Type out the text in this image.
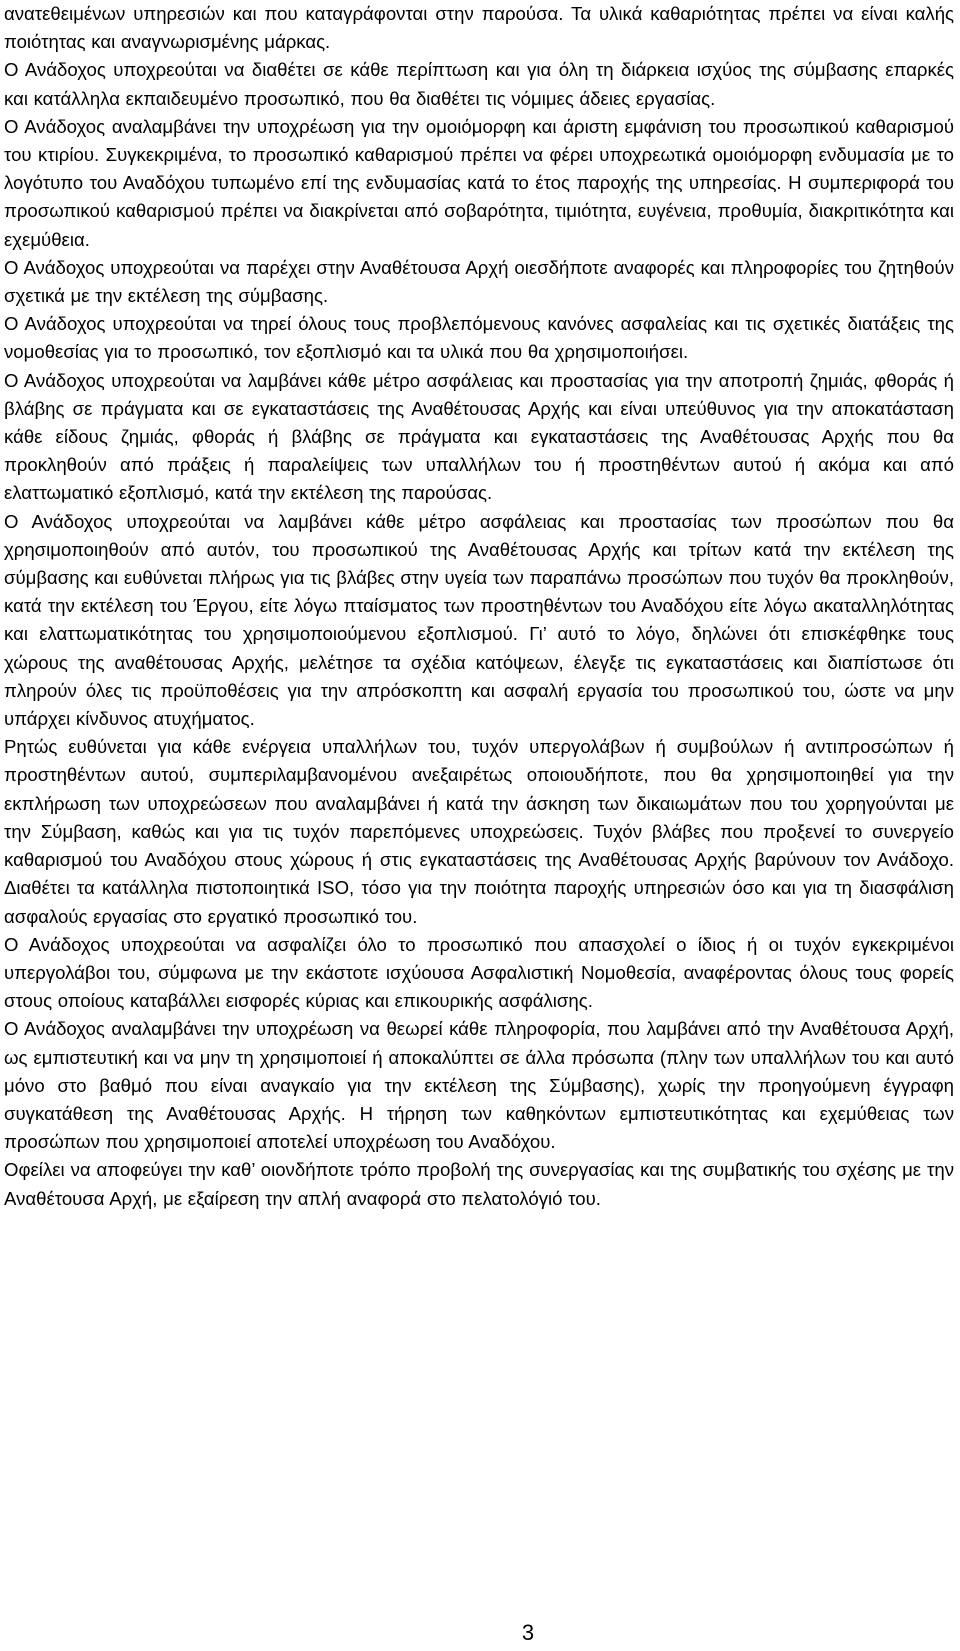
ανατεθειμένων υπηρεσιών και που καταγράφονται στην παρούσα. Τα υλικά καθαριότητας πρέπει να είναι καλής ποιότητας και αναγνωρισμένης μάρκας.

Ο Ανάδοχος υποχρεούται να διαθέτει σε κάθε περίπτωση και για όλη τη διάρκεια ισχύος της σύμβασης επαρκές και κατάλληλα εκπαιδευμένο προσωπικό, που θα διαθέτει τις νόμιμες άδειες εργασίας.

Ο Ανάδοχος αναλαμβάνει την υποχρέωση για την ομοιόμορφη και άριστη εμφάνιση του προσωπικού καθαρισμού του κτιρίου. Συγκεκριμένα, το προσωπικό καθαρισμού πρέπει να φέρει υποχρεωτικά ομοιόμορφη ενδυμασία με το λογότυπο του Αναδόχου τυπωμένο επί της ενδυμασίας κατά το έτος παροχής της υπηρεσίας. Η συμπεριφορά του προσωπικού καθαρισμού πρέπει να διακρίνεται από σοβαρότητα, τιμιότητα, ευγένεια, προθυμία, διακριτικότητα και εχεμύθεια.

Ο Ανάδοχος υποχρεούται να παρέχει στην Αναθέτουσα Αρχή οιεσδήποτε αναφορές και πληροφορίες του ζητηθούν σχετικά με την εκτέλεση της σύμβασης.

Ο Ανάδοχος υποχρεούται να τηρεί όλους τους προβλεπόμενους κανόνες ασφαλείας και τις σχετικές διατάξεις της νομοθεσίας για το προσωπικό, τον εξοπλισμό και τα υλικά που θα χρησιμοποιήσει.

Ο Ανάδοχος υποχρεούται να λαμβάνει κάθε μέτρο ασφάλειας και προστασίας για την αποτροπή ζημιάς, φθοράς ή βλάβης σε πράγματα και σε εγκαταστάσεις της Αναθέτουσας Αρχής και είναι υπεύθυνος για την αποκατάσταση κάθε είδους ζημιάς, φθοράς ή βλάβης σε πράγματα και εγκαταστάσεις της Αναθέτουσας Αρχής που θα προκληθούν από πράξεις ή παραλείψεις των υπαλλήλων του ή προστηθέντων αυτού ή ακόμα και από ελαττωματικό εξοπλισμό, κατά την εκτέλεση της παρούσας.

Ο Ανάδοχος υποχρεούται να λαμβάνει κάθε μέτρο ασφάλειας και προστασίας των προσώπων που θα χρησιμοποιηθούν από αυτόν, του προσωπικού της Αναθέτουσας Αρχής και τρίτων κατά την εκτέλεση της σύμβασης και ευθύνεται πλήρως για τις βλάβες στην υγεία των παραπάνω προσώπων που τυχόν θα προκληθούν, κατά την εκτέλεση του Έργου, είτε λόγω πταίσματος των προστηθέντων του Αναδόχου είτε λόγω ακαταλληλότητας και ελαττωματικότητας του χρησιμοποιούμενου εξοπλισμού. Γι’ αυτό το λόγο, δηλώνει ότι επισκέφθηκε τους χώρους της αναθέτουσας Αρχής, μελέτησε τα σχέδια κατόψεων, έλεγξε τις εγκαταστάσεις και διαπίστωσε ότι πληρούν όλες τις προϋποθέσεις για την απρόσκοπτη και ασφαλή εργασία του προσωπικού του, ώστε να μην υπάρχει κίνδυνος ατυχήματος.

Ρητώς ευθύνεται για κάθε ενέργεια υπαλλήλων του, τυχόν υπεργολάβων ή συμβούλων ή αντιπροσώπων ή προστηθέντων αυτού, συμπεριλαμβανομένου ανεξαιρέτως οποιουδήποτε, που θα χρησιμοποιηθεί για την εκπλήρωση των υποχρεώσεων που αναλαμβάνει ή κατά την άσκηση των δικαιωμάτων που του χορηγούνται με την Σύμβαση, καθώς και για τις τυχόν παρεπόμενες υποχρεώσεις. Τυχόν βλάβες που προξενεί το συνεργείο καθαρισμού του Αναδόχου στους χώρους ή στις εγκαταστάσεις της Αναθέτουσας Αρχής βαρύνουν τον Ανάδοχο. Διαθέτει τα κατάλληλα πιστοποιητικά ISO, τόσο για την ποιότητα παροχής υπηρεσιών όσο και για τη διασφάλιση ασφαλούς εργασίας στο εργατικό προσωπικό του.

Ο Ανάδοχος υποχρεούται να ασφαλίζει όλο το προσωπικό που απασχολεί ο ίδιος ή οι τυχόν εγκεκριμένοι υπεργολάβοι του, σύμφωνα με την εκάστοτε ισχύουσα Ασφαλιστική Νομοθεσία, αναφέροντας όλους τους φορείς στους οποίους καταβάλλει εισφορές κύριας και επικουρικής ασφάλισης.

Ο Ανάδοχος αναλαμβάνει την υποχρέωση να θεωρεί κάθε πληροφορία, που λαμβάνει από την Αναθέτουσα Αρχή, ως εμπιστευτική και να μην τη χρησιμοποιεί ή αποκαλύπτει σε άλλα πρόσωπα (πλην των υπαλλήλων του και αυτό μόνο στο βαθμό που είναι αναγκαίο για την εκτέλεση της Σύμβασης), χωρίς την προηγούμενη έγγραφη συγκατάθεση της Αναθέτουσας Αρχής. Η τήρηση των καθηκόντων εμπιστευτικότητας και εχεμύθειας των προσώπων που χρησιμοποιεί αποτελεί υποχρέωση του Αναδόχου.

Οφείλει να αποφεύγει την καθ’ οιονδήποτε τρόπο προβολή της συνεργασίας και της συμβατικής του σχέσης με την Αναθέτουσα Αρχή, με εξαίρεση την απλή αναφορά στο πελατολόγιό του.

3
